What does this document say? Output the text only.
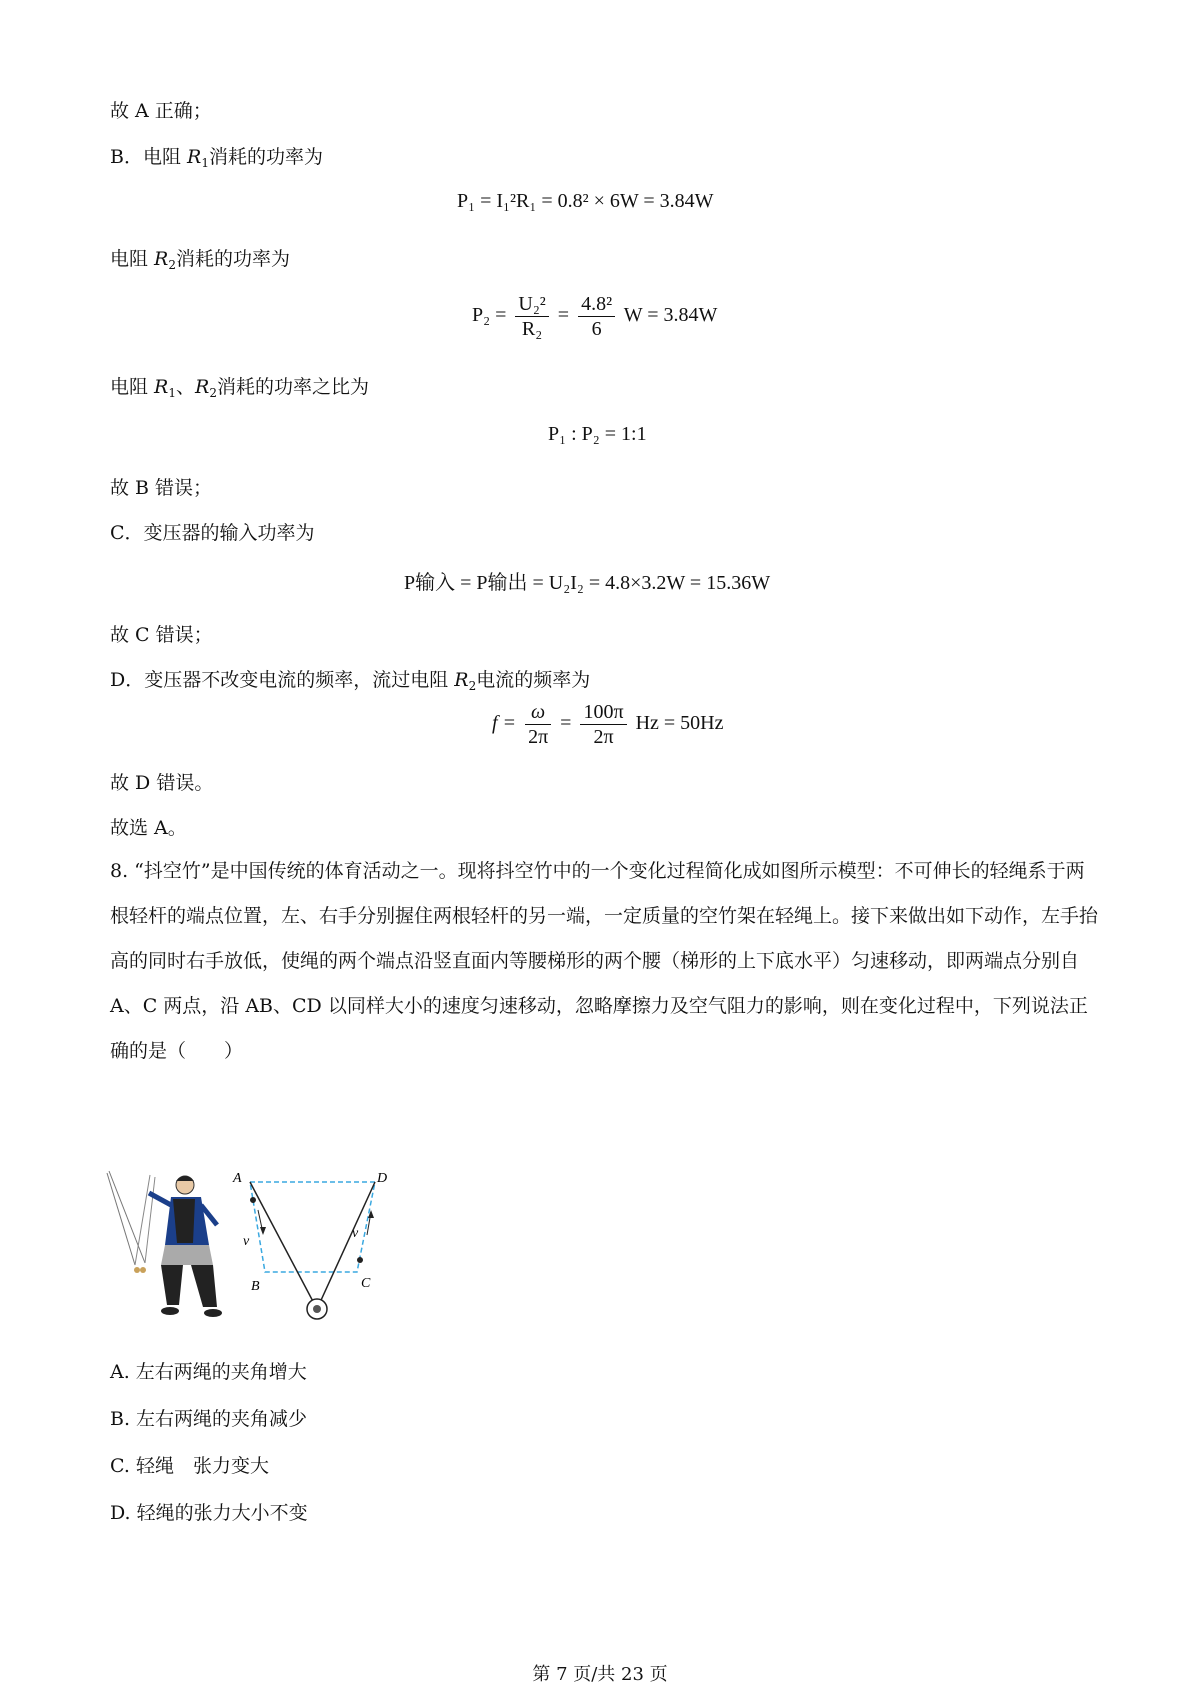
故 A 正确；
B．电阻 $R_1$消耗的功率为
P₁ = I₁²R₁ = 0.8² × 6W = 3.84W
电阻 $R_2$消耗的功率为
$P_2 = \frac{\text{U₂²}}{\text{R₂}} = \frac{\text{4.8²}}{6}$ W = 3.84W
电阻 $R_1$、$R_2$消耗的功率之比为
P₁ : P₂ = 1:1
故 B 错误；
C．变压器的输入功率为
P输入 = P输出 = U₂I₂ = 4.8×3.2W = 15.36W
故 C 错误；
D．变压器不改变电流的频率，流过电阻 $R_2$电流的频率为
$f = \frac{\omega}{2\pi} = \frac{100\pi}{2\pi}$ Hz = 50Hz
故 D 错误。
故选 A。
8. “抖空竹”是中国传统的体育活动之一。现将抖空竹中的一个变化过程简化成如图所示模型：不可伸长的轻绳系于两根轻杆的端点位置，左、右手分别握住两根轻杆的另一端，一定质量的空竹架在轻绳上。接下来做出如下动作，左手抬高的同时右手放低，使绳的两个端点沿竖直面内等腰梯形的两个腰（梯形的上下底水平）匀速移动，即两端点分别自 A、C 两点，沿 AB、CD 以同样大小的速度匀速移动，忽略摩擦力及空气阻力的影响，则在变化过程中，下列说法正确的是（　　）
A	D
B	C
v
v
A. 左右两绳的夹角增大
B. 左右两绳的夹角减少
C. 轻绳　张力变大
D. 轻绳的张力大小不变
第 7 页/共 23 页
